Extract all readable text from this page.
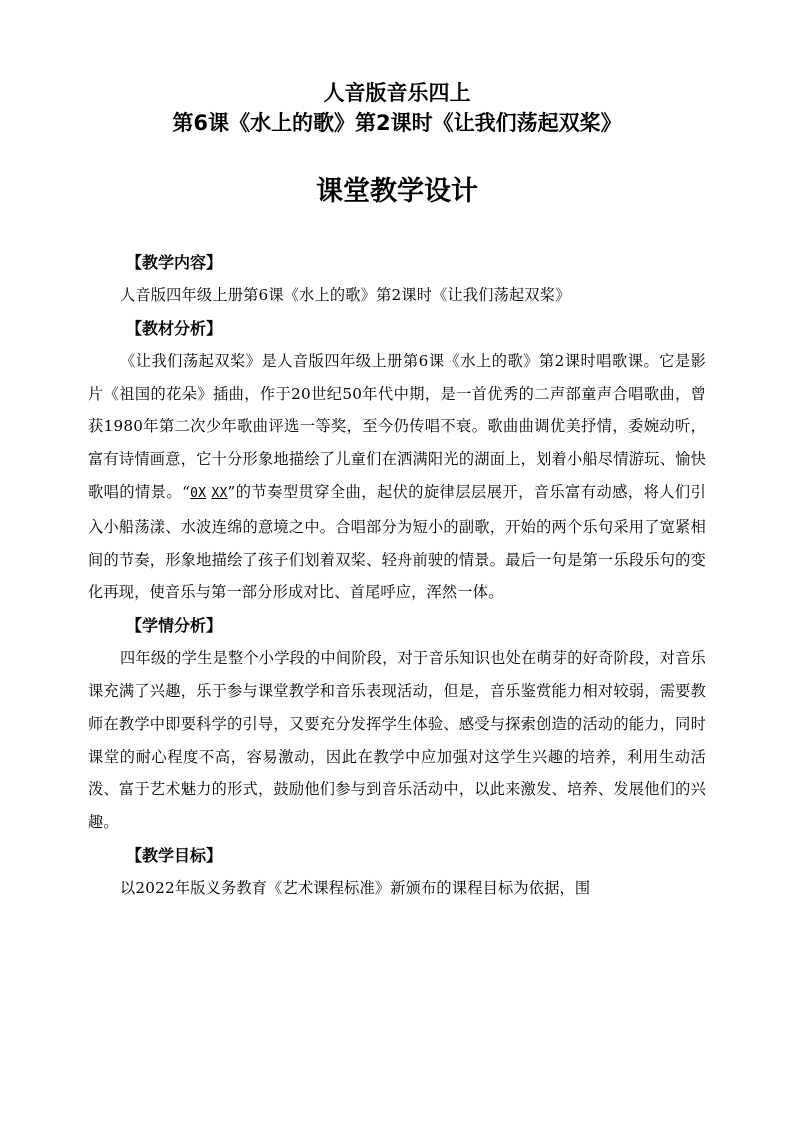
人音版音乐四上
第6课《水上的歌》第2课时《让我们荡起双桨》
课堂教学设计
【教学内容】

人音版四年级上册第6课《水上的歌》第2课时《让我们荡起双桨》

【教材分析】

《让我们荡起双桨》是人音版四年级上册第6课《水上的歌》第2课时唱歌课。它是影片《祖国的花朵》插曲，作于20世纪50年代中期，是一首优秀的二声部童声合唱歌曲，曾获1980年第二次少年歌曲评选一等奖，至今仍传唱不衰。歌曲曲调优美抒情，委婉动听，富有诗情画意，它十分形象地描绘了儿童们在洒满阳光的湖面上，划着小船尽情游玩、愉快歌唱的情景。“0X XX”的节奏型贯穿全曲，起伏的旋律层层展开，音乐富有动感，将人们引入小船荡漾、水波连绵的意境之中。合唱部分为短小的副歌，开始的两个乐句采用了宽紧相间的节奏，形象地描绘了孩子们划着双桨、轻舟前驶的情景。最后一句是第一乐段乐句的变化再现，使音乐与第一部分形成对比、首尾呼应，浑然一体。

【学情分析】

四年级的学生是整个小学段的中间阶段，对于音乐知识也处在萌芽的好奇阶段，对音乐课充满了兴趣，乐于参与课堂教学和音乐表现活动，但是，音乐鉴赏能力相对较弱，需要教师在教学中即要科学的引导，又要充分发挥学生体验、感受与探索创造的活动的能力，同时课堂的耐心程度不高，容易激动，因此在教学中应加强对这学生兴趣的培养，利用生动活泼、富于艺术魅力的形式，鼓励他们参与到音乐活动中，以此来激发、培养、发展他们的兴趣。

【教学目标】

以2022年版义务教育《艺术课程标准》新颁布的课程目标为依据，围
